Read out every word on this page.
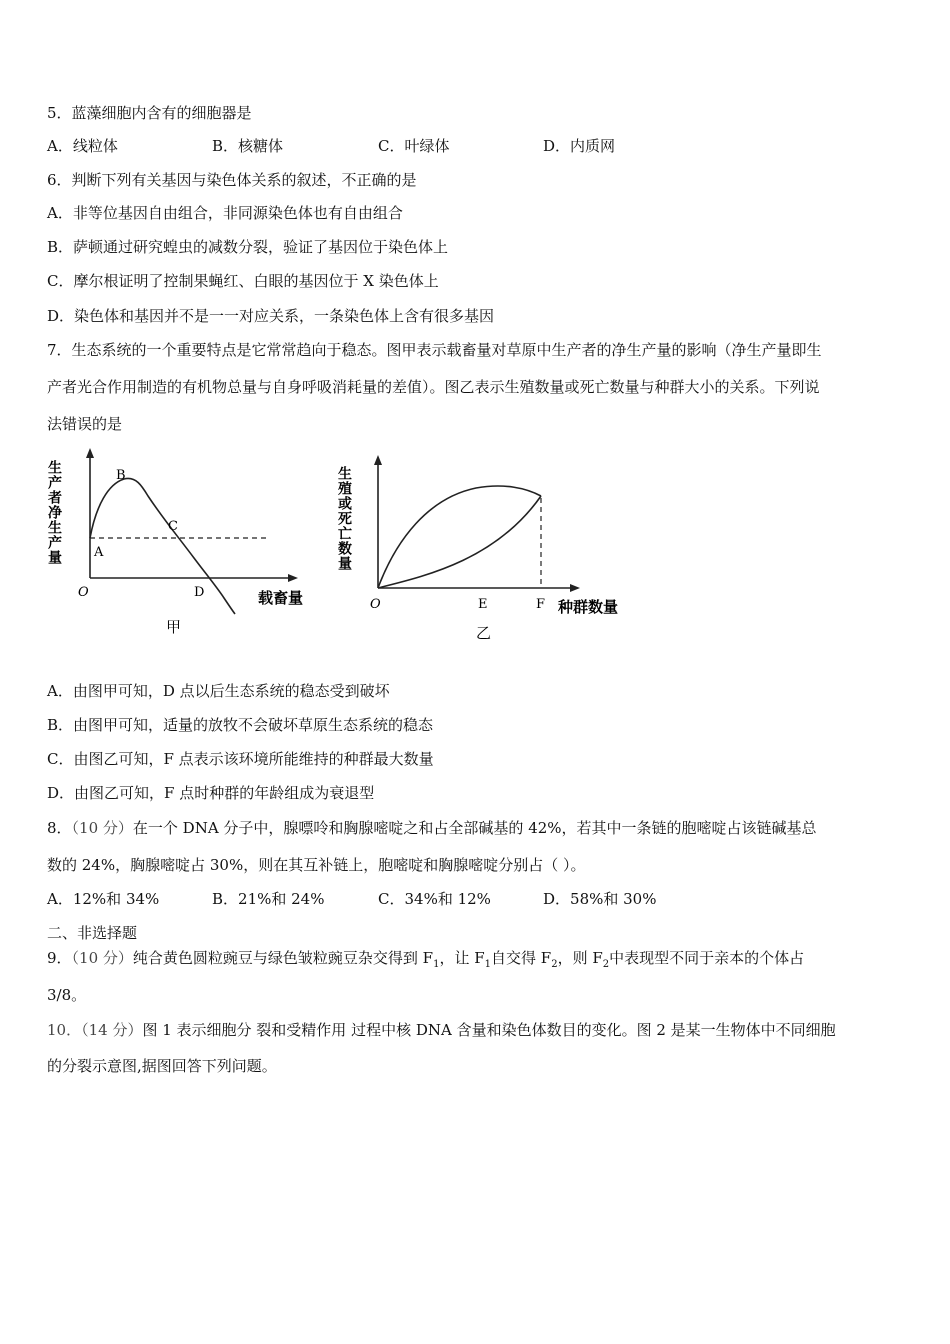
5．蓝藻细胞内含有的细胞器是
A．线粒体	B．核糖体	C．叶绿体	D．内质网
6．判断下列有关基因与染色体关系的叙述，不正确的是
A．非等位基因自由组合，非同源染色体也有自由组合
B．萨顿通过研究蝗虫的减数分裂，验证了基因位于染色体上
C．摩尔根证明了控制果蝇红、白眼的基因位于 X 染色体上
D．染色体和基因并不是一一对应关系，一条染色体上含有很多基因
7．生态系统的一个重要特点是它常常趋向于稳态。图甲表示载畜量对草原中生产者的净生产量的影响（净生产量即生
产者光合作用制造的有机物总量与自身呼吸消耗量的差值）。图乙表示生殖数量或死亡数量与种群大小的关系。下列说
法错误的是
A
B
C
D
O
生产者净生产量
载畜量
甲
O	E	F 种群数量
生殖或死亡数量
乙
A．由图甲可知，D 点以后生态系统的稳态受到破坏
B．由图甲可知，适量的放牧不会破坏草原生态系统的稳态
C．由图乙可知，F 点表示该环境所能维持的种群最大数量
D．由图乙可知，F 点时种群的年龄组成为衰退型
8．（10 分）在一个 DNA 分子中，腺嘌呤和胸腺嘧啶之和占全部碱基的 42%，若其中一条链的胞嘧啶占该链碱基总
数的 24%，胸腺嘧啶占 30%，则在其互补链上，胞嘧啶和胸腺嘧啶分别占（ ）。
A．12%和 34%	B．21%和 24%	C．34%和 12%	D．58%和 30%
二、非选择题
9．（10 分）纯合黄色圆粒豌豆与绿色皱粒豌豆杂交得到 $F_1$，让 $F_1$自交得 $F_2$，则 $F_2$中表现型不同于亲本的个体占
3/8。
10．（14 分）图 1 表示细胞分 裂和受精作用 过程中核 DNA 含量和染色体数目的变化。图 2 是某一生物体中不同细胞
的分裂示意图,据图回答下列问题。
